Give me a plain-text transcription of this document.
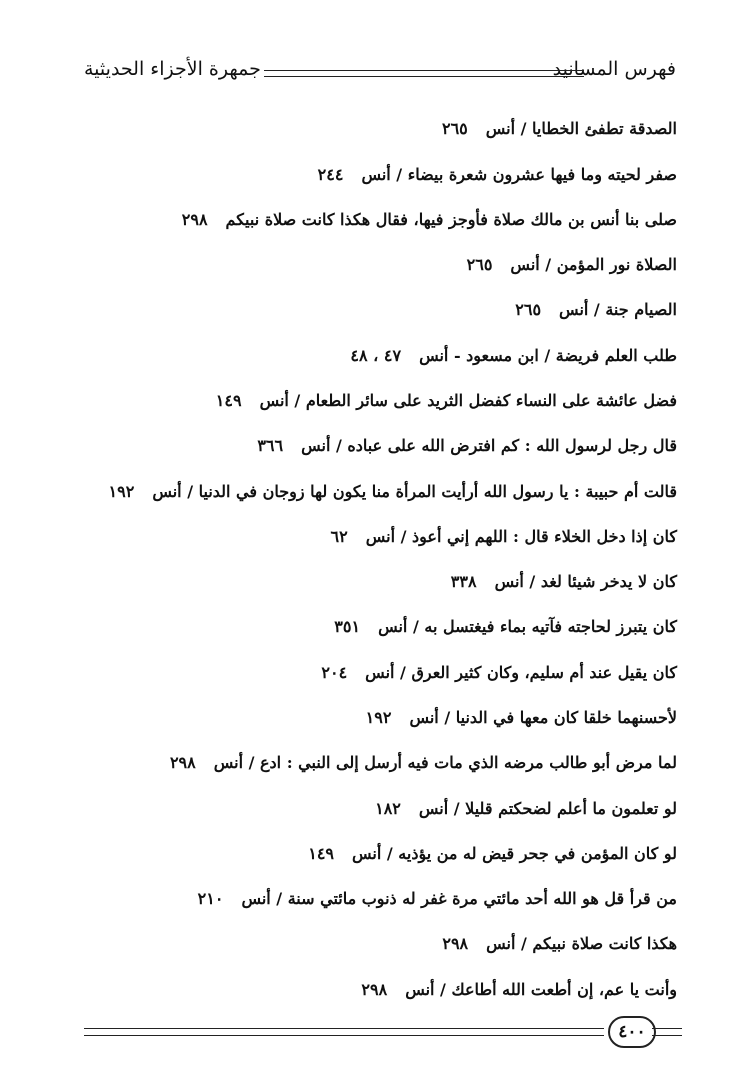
فهرس المسانيد
جمهرة الأجزاء الحديثية
الصدقة تطفئ الخطايا / أنس٢٦٥
صفر لحيته وما فيها عشرون شعرة بيضاء / أنس٢٤٤
صلى بنا أنس بن مالك صلاة فأوجز فيها، فقال هكذا كانت صلاة نبيكم٢٩٨
الصلاة نور المؤمن / أنس٢٦٥
الصيام جنة / أنس٢٦٥
طلب العلم فريضة / ابن مسعود - أنس٤٧ ، ٤٨
فضل عائشة على النساء كفضل الثريد على سائر الطعام / أنس١٤٩
قال رجل لرسول الله : كم افترض الله على عباده / أنس٣٦٦
قالت أم حبيبة : يا رسول الله أرأيت المرأة منا يكون لها زوجان في الدنيا / أنس١٩٢
كان إذا دخل الخلاء قال : اللهم إني أعوذ / أنس٦٢
كان لا يدخر شيئا لغد / أنس٣٣٨
كان يتبرز لحاجته فآتيه بماء فيغتسل به / أنس٣٥١
كان يقيل عند أم سليم، وكان كثير العرق / أنس٢٠٤
لأحسنهما خلقا كان معها في الدنيا / أنس١٩٢
لما مرض أبو طالب مرضه الذي مات فيه أرسل إلى النبي : ادع / أنس٢٩٨
لو تعلمون ما أعلم لضحكتم قليلا / أنس١٨٢
لو كان المؤمن في جحر قيض له من يؤذيه / أنس١٤٩
من قرأ قل هو الله أحد مائتي مرة غفر له ذنوب مائتي سنة / أنس٢١٠
هكذا كانت صلاة نبيكم / أنس٢٩٨
وأنت يا عم، إن أطعت الله أطاعك / أنس٢٩٨
٤٠٠
